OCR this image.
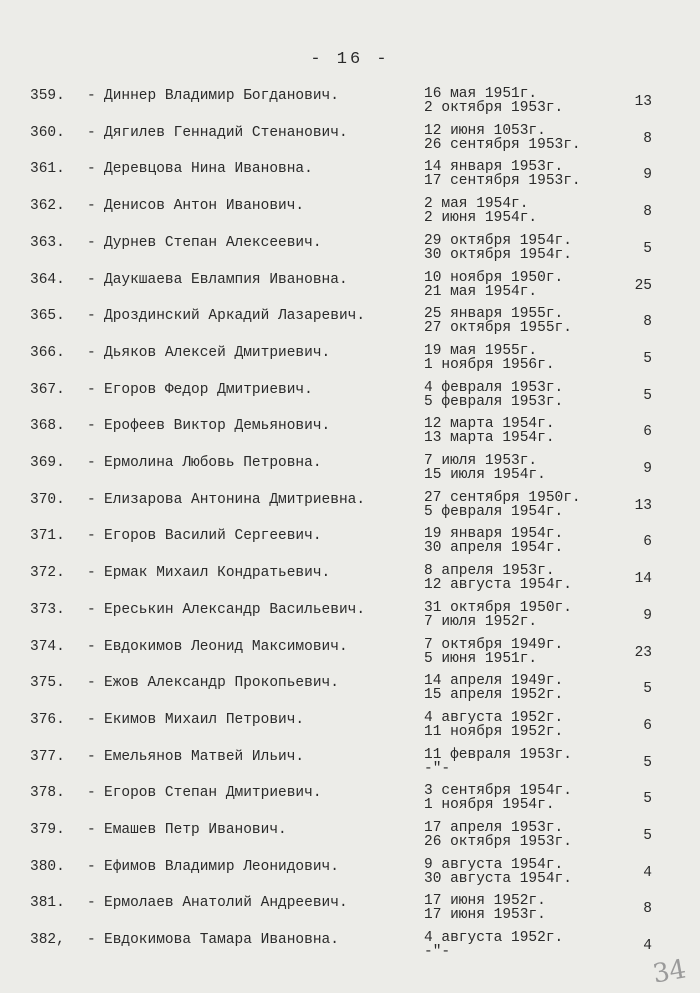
- 16 -
359.	- Диннер Владимир Богданович.	16 мая 1951г.
2 октября 1953г.	13
360.	- Дягилев Геннадий Стенанович.	12 июня 1053г.
26 сентября 1953г.	8
361.	- Деревцова Нина Ивановна.	14 января 1953г.
17 сентября 1953г.	9
362.	- Денисов Антон Иванович.	2 мая 1954г.
2 июня 1954г.	8
363.	- Дурнев Степан Алексеевич.	29 октября 1954г.
30 октября 1954г.	5
364.	- Даукшаева Евлампия Ивановна.	10 ноября 1950г.
21 мая 1954г.	25
365.	- Дроздинский Аркадий Лазаревич.	25 января 1955г.
27 октября 1955г.	8
366.	- Дьяков Алексей Дмитриевич.	19 мая 1955г.
1 ноября 1956г.	5
367.	- Егоров Федор Дмитриевич.	4 февраля 1953г.
5 февраля 1953г.	5
368.	- Ерофеев Виктор Демьянович.	12 марта 1954г.
13 марта 1954г.	6
369.	- Ермолина Любовь Петровна.	7 июля 1953г.
15 июля 1954г.	9
370.	- Елизарова Антонина Дмитриевна.	27 сентября 1950г.
5 февраля 1954г.	13
371.	- Егоров Василий Сергеевич.	19 января 1954г.
30 апреля 1954г.	6
372.	- Ермак Михаил Кондратьевич.	8 апреля 1953г.
12 августа 1954г.	14
373.	- Ереськин Александр Васильевич.	31 октября 1950г.
7 июля 1952г.	9
374.	- Евдокимов Леонид Максимович.	7 октября 1949г.
5 июня 1951г.	23
375.	- Ежов Александр Прокопьевич.	14 апреля 1949г.
15 апреля 1952г.	5
376.	- Екимов Михаил Петрович.	4 августа 1952г.
11 ноября 1952г.	6
377.	- Емельянов Матвей Ильич.	11 февраля 1953г.
-"-	5
378.	- Егоров Степан Дмитриевич.	3 сентября 1954г.
1 ноября 1954г.	5
379.	- Емашев Петр Иванович.	17 апреля 1953г.
26 октября 1953г.	5
380.	- Ефимов Владимир Леонидович.	9 августа 1954г.
30 августа 1954г.	4
381.	- Ермолаев Анатолий Андреевич.	17 июня 1952г.
17 июня 1953г.	8
382,	- Евдокимова Тамара Ивановна.	4 августа 1952г.
-"-	4
34
